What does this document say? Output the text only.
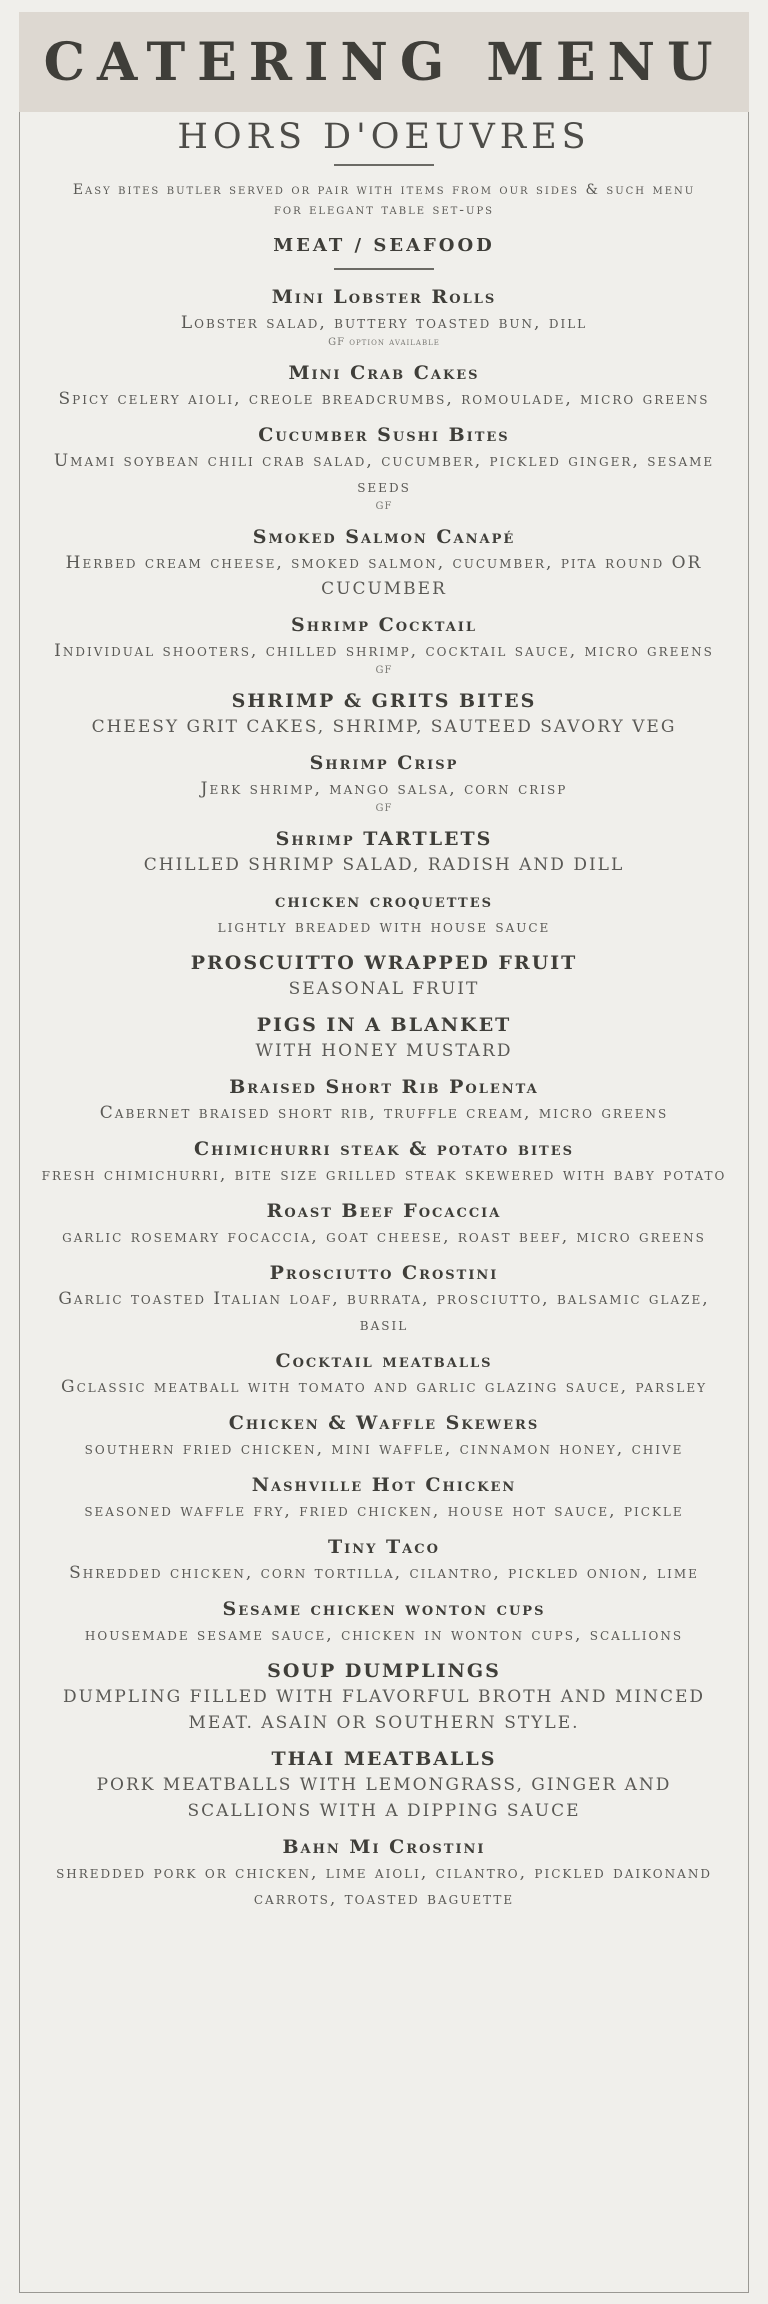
CATERING MENU
HORS D'OEUVRES

Easy bites butler served or pair with items from our sides & such menu for elegant table set-ups

MEAT / SEAFOOD
Mini Lobster Rolls
Lobster salad, buttery toasted bun, dill
GF option available
Mini Crab Cakes
Spicy celery aioli, creole breadcrumbs, romoulade, micro greens
Cucumber Sushi Bites
Umami soybean chili crab salad, cucumber, pickled ginger, sesame seeds
GF
Smoked Salmon Canapé
Herbed cream cheese, smoked salmon, cucumber, pita round OR CUCUMBER
Shrimp Cocktail
Individual shooters, chilled shrimp, cocktail sauce, micro greens
GF
SHRIMP & GRITS BITES
CHEESY GRIT CAKES, SHRIMP, SAUTEED SAVORY VEG
Shrimp Crisp
Jerk shrimp, mango salsa, corn crisp
GF
Shrimp TARTLETS
CHILLED SHRIMP SALAD, RADISH AND DILL
chicken croquettes
lightly breaded with house sauce
PROSCUITTO WRAPPED FRUIT
SEASONAL FRUIT
PIGS IN A BLANKET
WITH HONEY MUSTARD
Braised Short Rib Polenta
Cabernet braised short rib, truffle cream, micro greens
Chimichurri steak & potato bites
fresh chimichurri, bite size grilled steak skewered with baby potato
Roast Beef Focaccia
garlic rosemary focaccia, goat cheese, roast beef, micro greens
Prosciutto Crostini
Garlic toasted Italian loaf, burrata, prosciutto, balsamic glaze, basil
Cocktail meatballs
Gclassic meatball with tomato and garlic glazing sauce, parsley
Chicken & Waffle Skewers
southern fried chicken, mini waffle, cinnamon honey, chive
Nashville Hot Chicken
seasoned waffle fry, fried chicken, house hot sauce, pickle
Tiny Taco
Shredded chicken, corn tortilla, cilantro, pickled onion, lime
Sesame chicken wonton cups
housemade sesame sauce, chicken in wonton cups, scallions
SOUP DUMPLINGS
DUMPLING FILLED WITH FLAVORFUL BROTH AND MINCED MEAT. ASAIN OR SOUTHERN STYLE.
THAI MEATBALLS
PORK MEATBALLS WITH LEMONGRASS, GINGER AND SCALLIONS WITH A DIPPING SAUCE
Bahn Mi Crostini
shredded pork or chicken, lime aioli, cilantro, pickled daikonand carrots, toasted baguette
